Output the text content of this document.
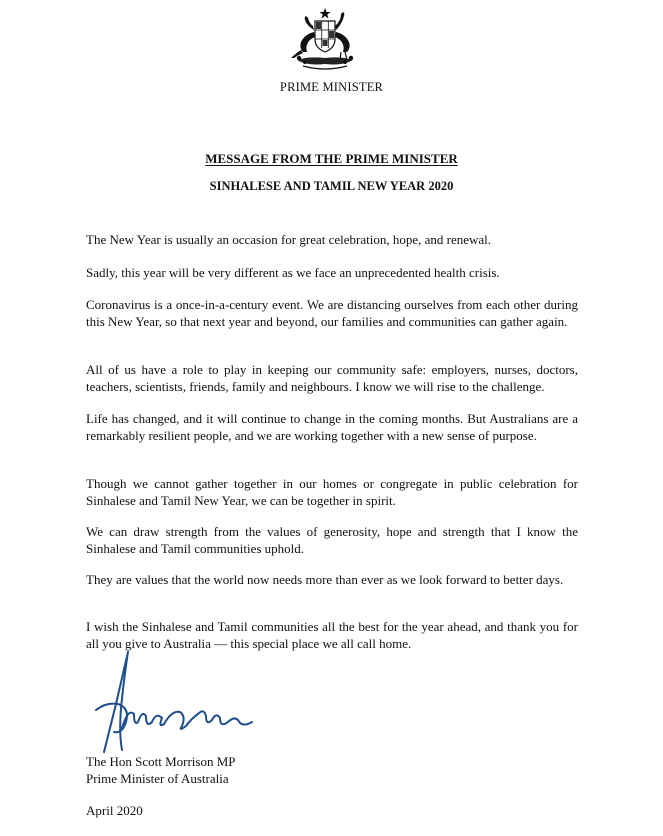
PRIME MINISTER
MESSAGE FROM THE PRIME MINISTER
SINHALESE AND TAMIL NEW YEAR 2020

The New Year is usually an occasion for great celebration, hope, and renewal.

Sadly, this year will be very different as we face an unprecedented health crisis.

Coronavirus is a once-in-a-century event. We are distancing ourselves from each other during this New Year, so that next year and beyond, our families and communities can gather again.

All of us have a role to play in keeping our community safe: employers, nurses, doctors, teachers, scientists, friends, family and neighbours. I know we will rise to the challenge.

Life has changed, and it will continue to change in the coming months. But Australians are a remarkably resilient people, and we are working together with a new sense of purpose.

Though we cannot gather together in our homes or congregate in public celebration for Sinhalese and Tamil New Year, we can be together in spirit.

We can draw strength from the values of generosity, hope and strength that I know the Sinhalese and Tamil communities uphold.

They are values that the world now needs more than ever as we look forward to better days.

I wish the Sinhalese and Tamil communities all the best for the year ahead, and thank you for all you give to Australia — this special place we all call home.

The Hon Scott Morrison MP
Prime Minister of Australia
April 2020
